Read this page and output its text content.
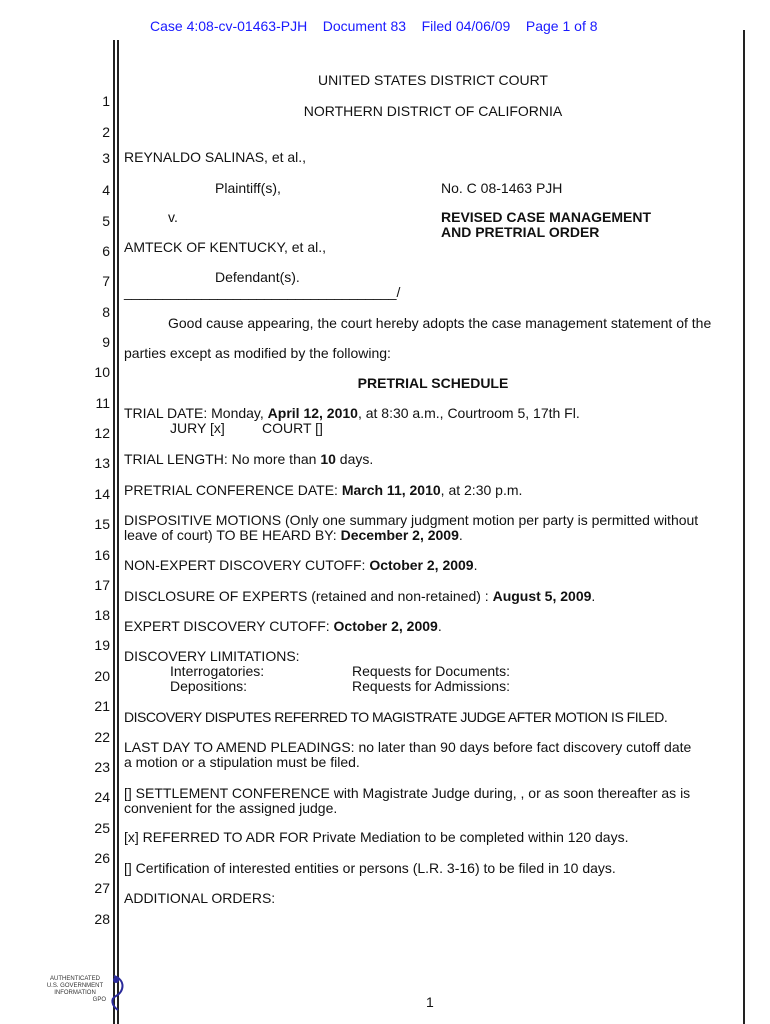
Case 4:08-cv-01463-PJH Document 83 Filed 04/06/09 Page 1 of 8
1
2
3
4
5
6
7
8
9
10
11
12
13
14
15
16
17
18
19
20
21
22
23
24
25
26
27
28
UNITED STATES DISTRICT COURT
NORTHERN DISTRICT OF CALIFORNIA
REYNALDO SALINAS, et al.,
Plaintiff(s),	No. C 08-1463 PJH
v.	REVISED CASE MANAGEMENT
AND PRETRIAL ORDER
AMTECK OF KENTUCKY, et al.,
Defendant(s).
___________________________________/
Good cause appearing, the court hereby adopts the case management statement of the
parties except as modified by the following:
PRETRIAL SCHEDULE
TRIAL DATE: Monday, April 12, 2010, at 8:30 a.m., Courtroom 5, 17th Fl.
JURY [x]	COURT []
TRIAL LENGTH: No more than 10 days.
PRETRIAL CONFERENCE DATE: March 11, 2010, at 2:30 p.m.
DISPOSITIVE MOTIONS (Only one summary judgment motion per party is permitted without
leave of court) TO BE HEARD BY: December 2, 2009.
NON-EXPERT DISCOVERY CUTOFF: October 2, 2009.
DISCLOSURE OF EXPERTS (retained and non-retained) : August 5, 2009.
EXPERT DISCOVERY CUTOFF: October 2, 2009.
DISCOVERY LIMITATIONS:
Interrogatories:	Requests for Documents:
Depositions:	Requests for Admissions:
DISCOVERY DISPUTES REFERRED TO MAGISTRATE JUDGE AFTER MOTION IS FILED.
LAST DAY TO AMEND PLEADINGS: no later than 90 days before fact discovery cutoff date
a motion or a stipulation must be filed.
[] SETTLEMENT CONFERENCE with Magistrate Judge during, , or as soon thereafter as is
convenient for the assigned judge.
[x] REFERRED TO ADR FOR Private Mediation to be completed within 120 days.
[] Certification of interested entities or persons (L.R. 3-16) to be filed in 10 days.
ADDITIONAL ORDERS:
1
AUTHENTICATED
U.S. GOVERNMENT
INFORMATION
GPO
